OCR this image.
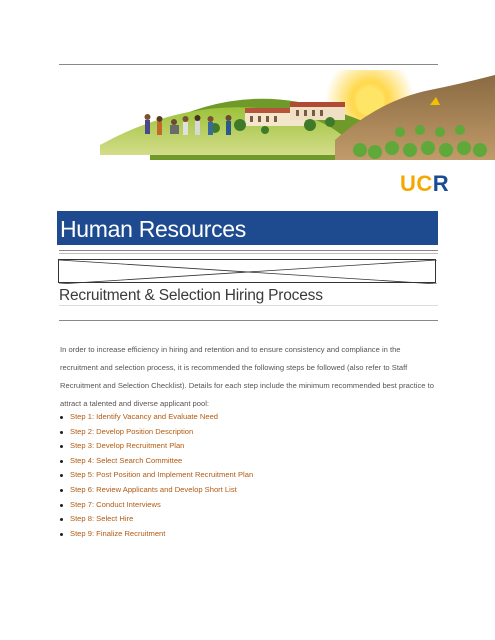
UCR
Human Resources
Recruitment & Selection Hiring Process
In order to increase efficiency in hiring and retention and to ensure consistency and compliance in the recruitment and selection process, it is recommended the following steps be followed (also refer to Staff Recruitment and Selection Checklist). Details for each step include the minimum recommended best practice to attract a talented and diverse applicant pool:
Step 1: Identify Vacancy and Evaluate Need
Step 2: Develop Position Description
Step 3: Develop Recruitment Plan
Step 4: Select Search Committee
Step 5: Post Position and Implement Recruitment Plan
Step 6: Review Applicants and Develop Short List
Step 7: Conduct Interviews
Step 8: Select Hire
Step 9: Finalize Recruitment
